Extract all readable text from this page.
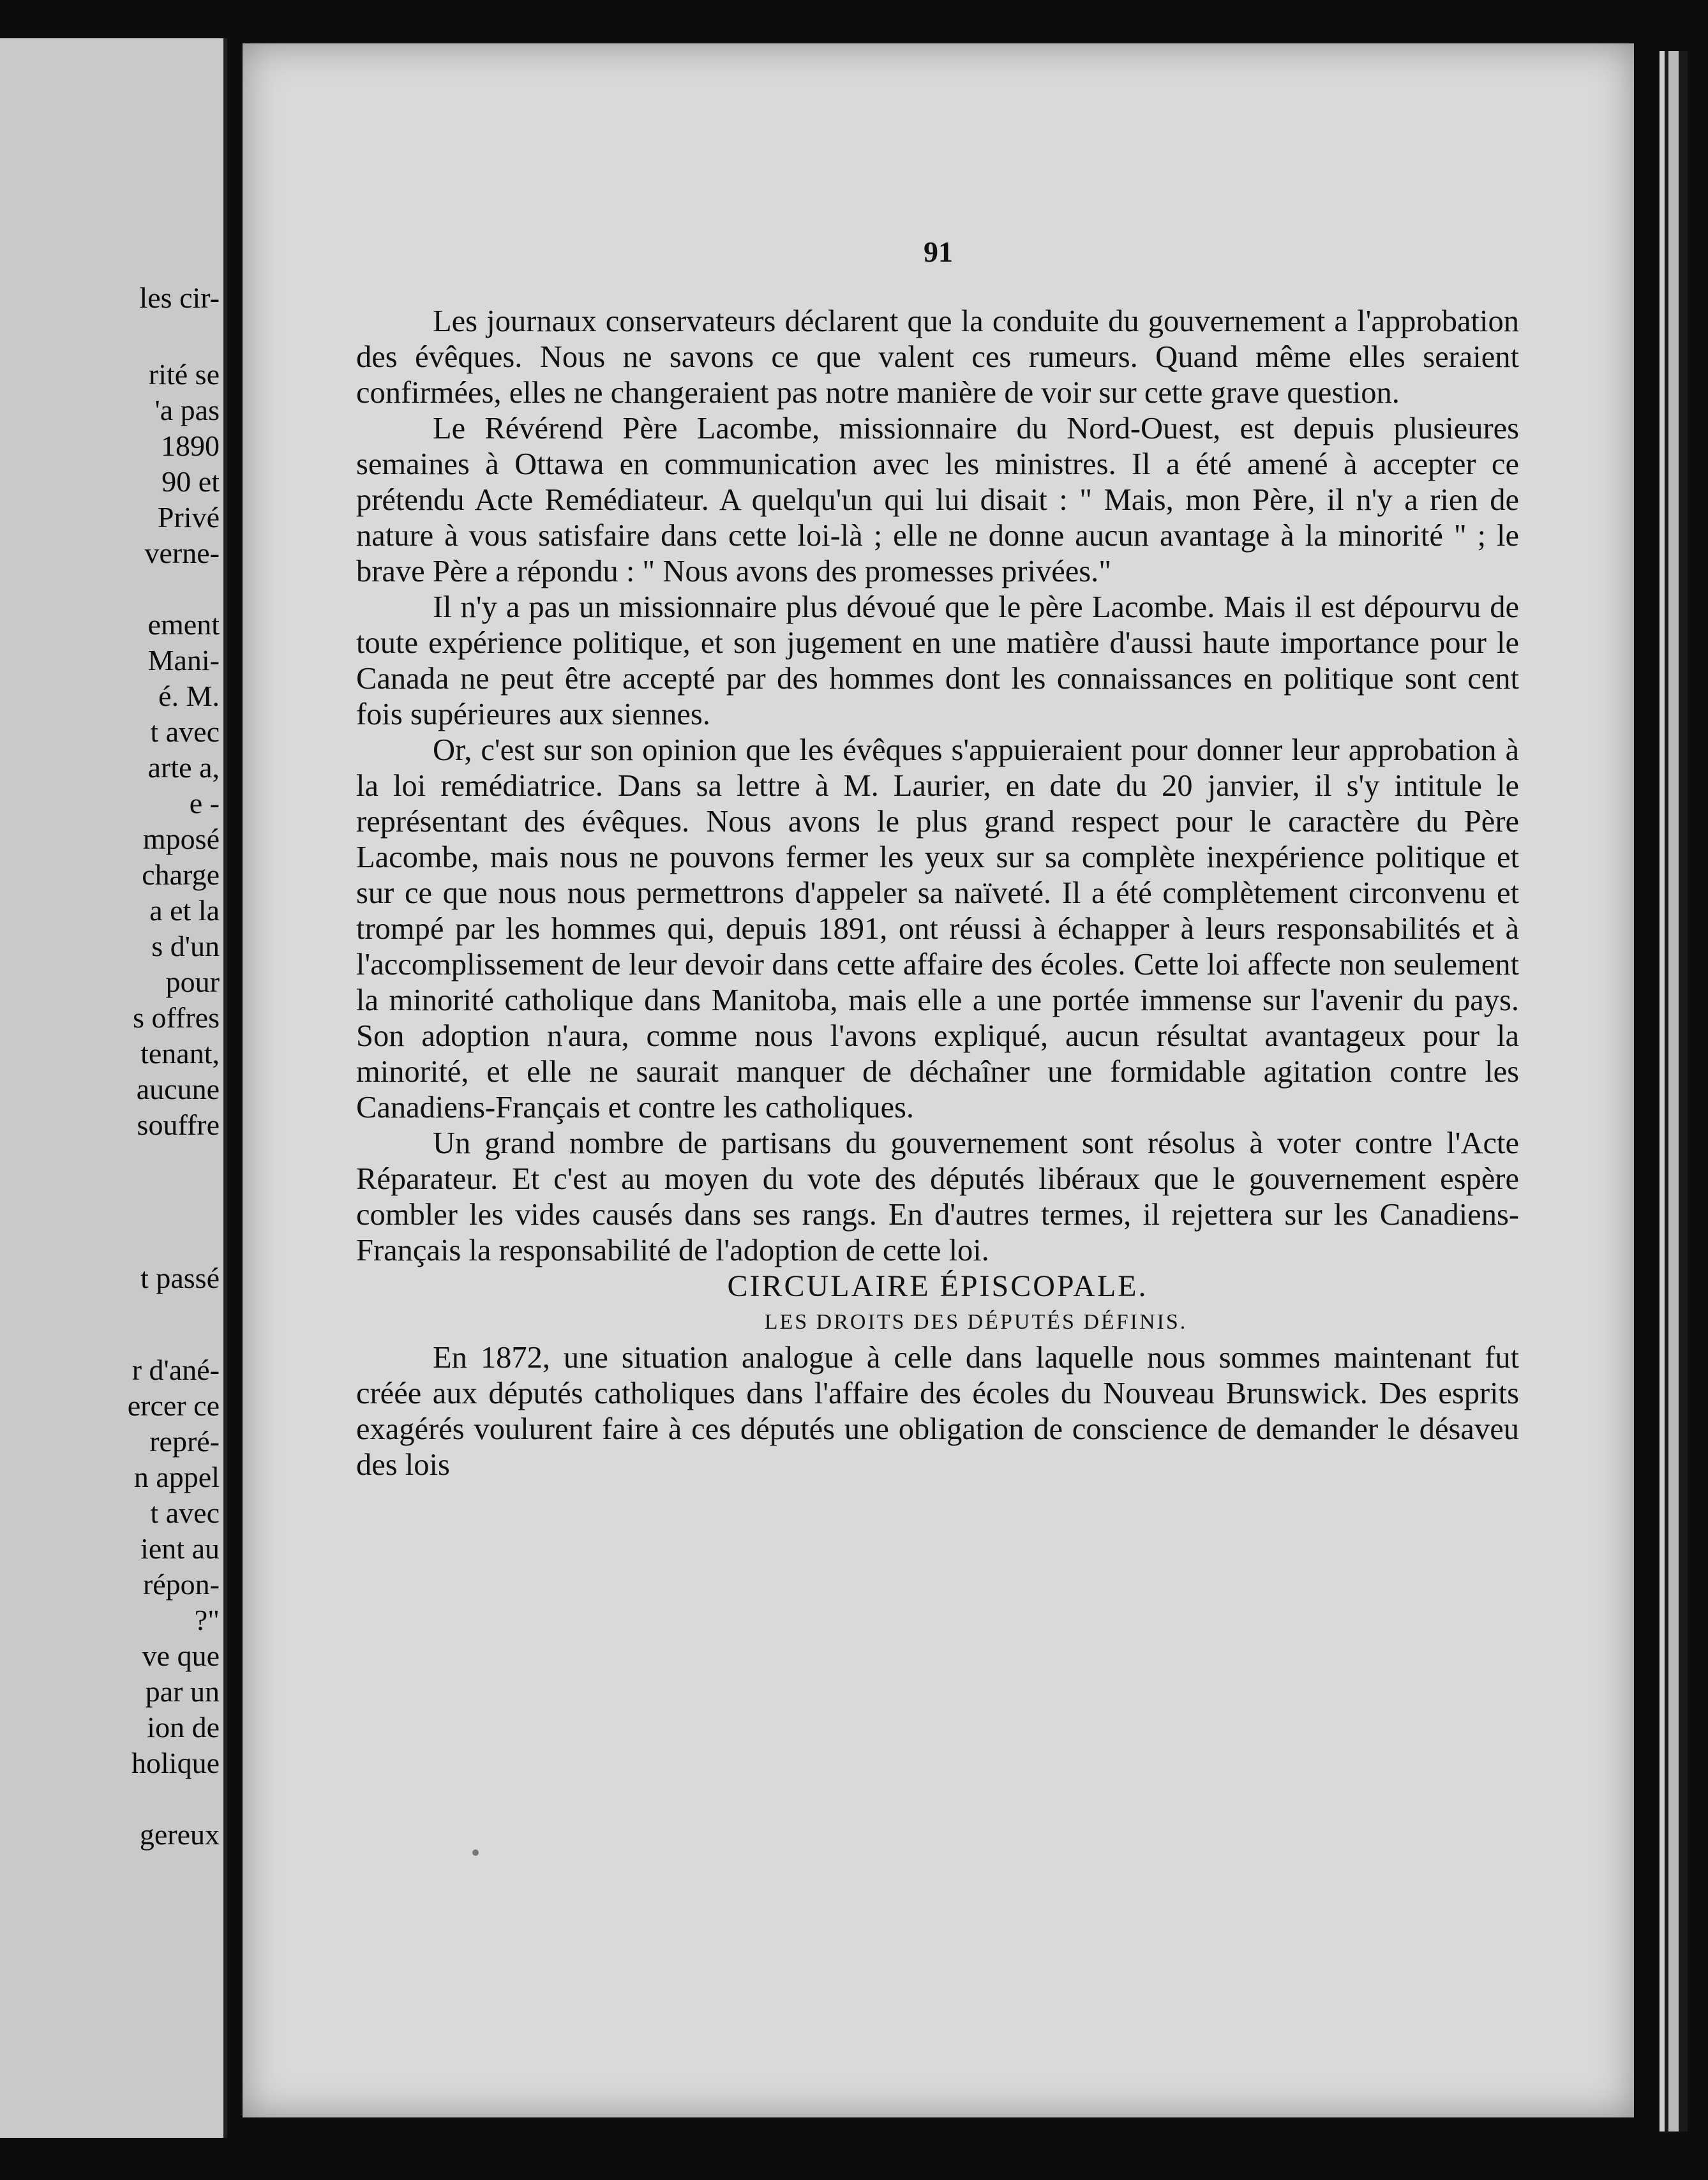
les cir-
rité se
'a pas
1890
90 et
Privé
verne-
ement
Mani-
é. M.
t avec
arte a,
e -
mposé
charge
a et la
s d'un
pour
s offres
tenant,
aucune
souffre
t passé
r d'ané-
ercer ce
repré-
n appel
t avec
ient au
répon-
?"
ve que
par un
ion de
holique
gereux
91

Les journaux conservateurs déclarent que la conduite du gouvernement a l'approbation des évêques. Nous ne savons ce que valent ces rumeurs. Quand même elles seraient confirmées, elles ne changeraient pas notre manière de voir sur cette grave question.

Le Révérend Père Lacombe, missionnaire du Nord-Ouest, est depuis plusieures semaines à Ottawa en communication avec les ministres. Il a été amené à accepter ce prétendu Acte Remédiateur. A quelqu'un qui lui disait : " Mais, mon Père, il n'y a rien de nature à vous satisfaire dans cette loi-là ; elle ne donne aucun avantage à la minorité " ; le brave Père a répondu : " Nous avons des promesses privées."

Il n'y a pas un missionnaire plus dévoué que le père Lacombe. Mais il est dépourvu de toute expérience politique, et son jugement en une matière d'aussi haute importance pour le Canada ne peut être accepté par des hommes dont les connaissances en politique sont cent fois supérieures aux siennes.

Or, c'est sur son opinion que les évêques s'appuieraient pour donner leur approbation à la loi remédiatrice. Dans sa lettre à M. Laurier, en date du 20 janvier, il s'y intitule le représentant des évêques. Nous avons le plus grand respect pour le caractère du Père Lacombe, mais nous ne pouvons fermer les yeux sur sa complète inexpérience politique et sur ce que nous nous permettrons d'appeler sa naïveté. Il a été complètement circonvenu et trompé par les hommes qui, depuis 1891, ont réussi à échapper à leurs responsabilités et à l'accomplissement de leur devoir dans cette affaire des écoles. Cette loi affecte non seulement la minorité catholique dans Manitoba, mais elle a une portée immense sur l'avenir du pays. Son adoption n'aura, comme nous l'avons expliqué, aucun résultat avantageux pour la minorité, et elle ne saurait manquer de déchaîner une formidable agitation contre les Canadiens-Français et contre les catholiques.

Un grand nombre de partisans du gouvernement sont résolus à voter contre l'Acte Réparateur. Et c'est au moyen du vote des députés libéraux que le gouvernement espère combler les vides causés dans ses rangs. En d'autres termes, il rejettera sur les Canadiens-Français la responsabilité de l'adoption de cette loi.

CIRCULAIRE ÉPISCOPALE.

LES DROITS DES DÉPUTÉS DÉFINIS.

En 1872, une situation analogue à celle dans laquelle nous sommes maintenant fut créée aux députés catholiques dans l'affaire des écoles du Nouveau Brunswick. Des esprits exagérés voulurent faire à ces députés une obligation de conscience de demander le désaveu des lois
